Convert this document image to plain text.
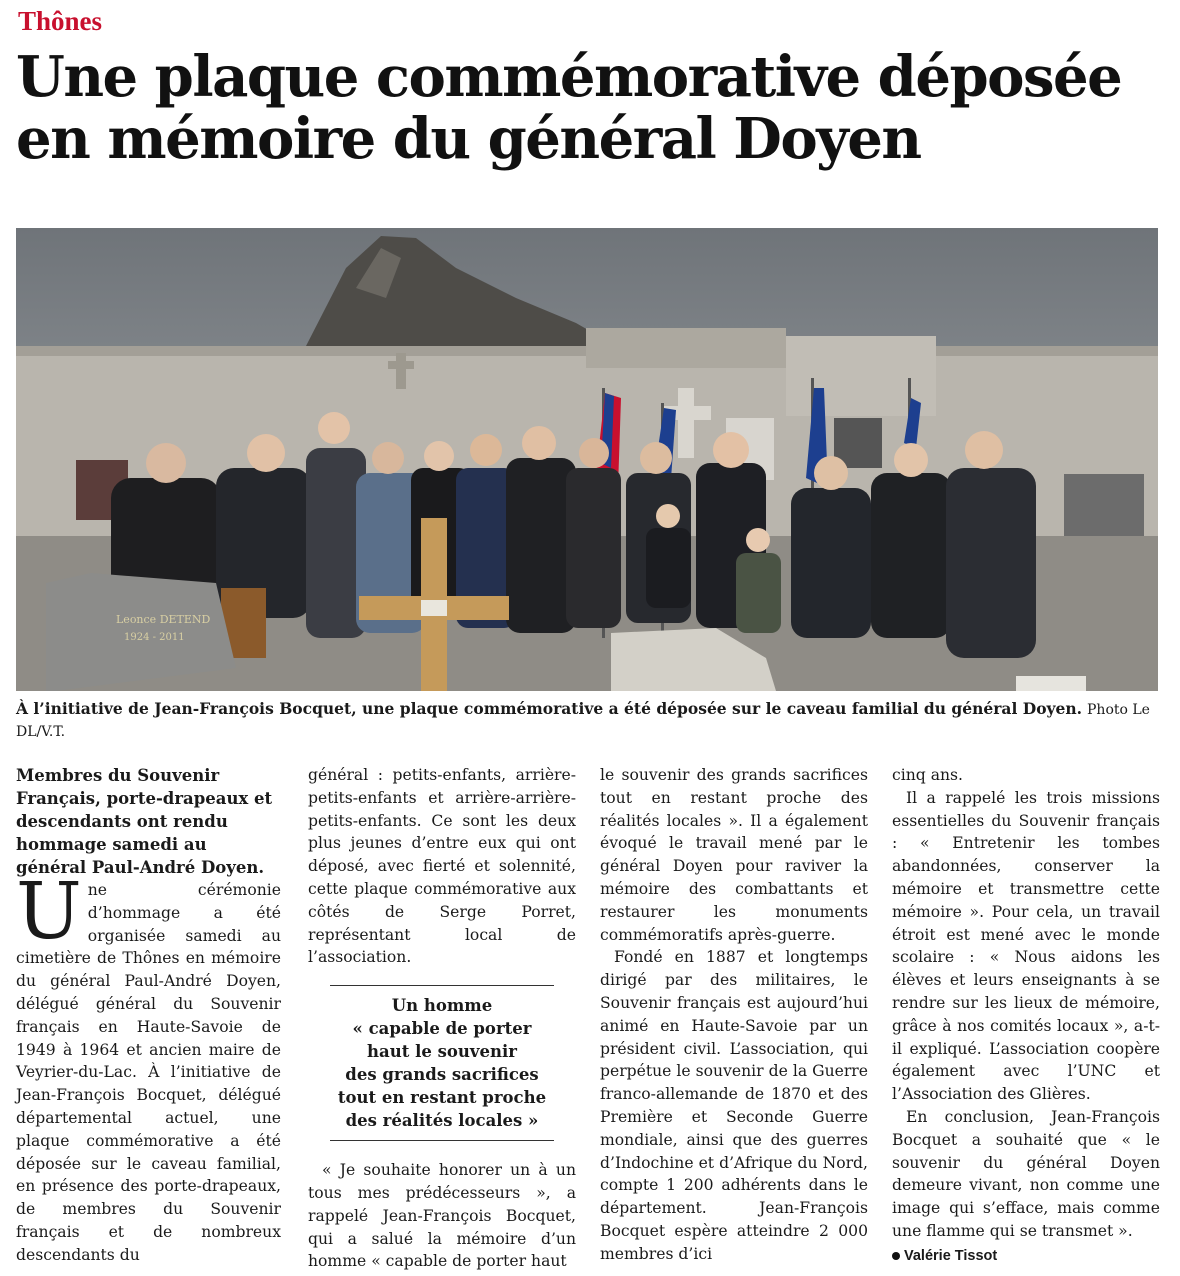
Thônes
Une plaque commémorative déposée
en mémoire du général Doyen
Leonce DETEND
1924 - 2011
À l’initiative de Jean-François Bocquet, une plaque commémorative a été déposée sur le caveau familial du général Doyen. Photo Le DL/V.T.

Membres du Souvenir Français, porte-drapeaux et descendants ont rendu hommage samedi au général Paul-André Doyen.

Une cérémonie d’hommage a été organisée samedi au cimetière de Thônes en mémoire du général Paul-André Doyen, délégué général du Souvenir français en Haute-Savoie de 1949 à 1964 et ancien maire de Veyrier-du-Lac. À l’initiative de Jean-François Bocquet, délégué départemental actuel, une plaque commémorative a été déposée sur le caveau familial, en présence des porte-drapeaux, de membres du Souvenir français et de nombreux descendants du

général : petits-enfants, arrière-petits-enfants et arrière-arrière-petits-enfants. Ce sont les deux plus jeunes d’entre eux qui ont déposé, avec fierté et solennité, cette plaque commémorative aux côtés de Serge Porret, représentant local de l’association.

Un homme
« capable de porter
haut le souvenir
des grands sacrifices
tout en restant proche
des réalités locales »

« Je souhaite honorer un à un tous mes prédécesseurs », a rappelé Jean-François Bocquet, qui a salué la mémoire d’un homme « capable de porter haut

le souvenir des grands sacrifices tout en restant proche des réalités locales ». Il a également évoqué le travail mené par le général Doyen pour raviver la mémoire des combattants et restaurer les monuments commémoratifs après-guerre.

Fondé en 1887 et longtemps dirigé par des militaires, le Souvenir français est aujourd’hui animé en Haute-Savoie par un président civil. L’association, qui perpétue le souvenir de la Guerre franco-allemande de 1870 et des Première et Seconde Guerre mondiale, ainsi que des guerres d’Indochine et d’Afrique du Nord, compte 1 200 adhérents dans le département. Jean-François Bocquet espère atteindre 2 000 membres d’ici

cinq ans.

Il a rappelé les trois missions essentielles du Souvenir français : « Entretenir les tombes abandonnées, conserver la mémoire et transmettre cette mémoire ». Pour cela, un travail étroit est mené avec le monde scolaire : « Nous aidons les élèves et leurs enseignants à se rendre sur les lieux de mémoire, grâce à nos comités locaux », a-t-il expliqué. L’association coopère également avec l’UNC et l’Association des Glières.

En conclusion, Jean-François Bocquet a souhaité que « le souvenir du général Doyen demeure vivant, non comme une image qui s’efface, mais comme une flamme qui se transmet ».

Valérie Tissot
